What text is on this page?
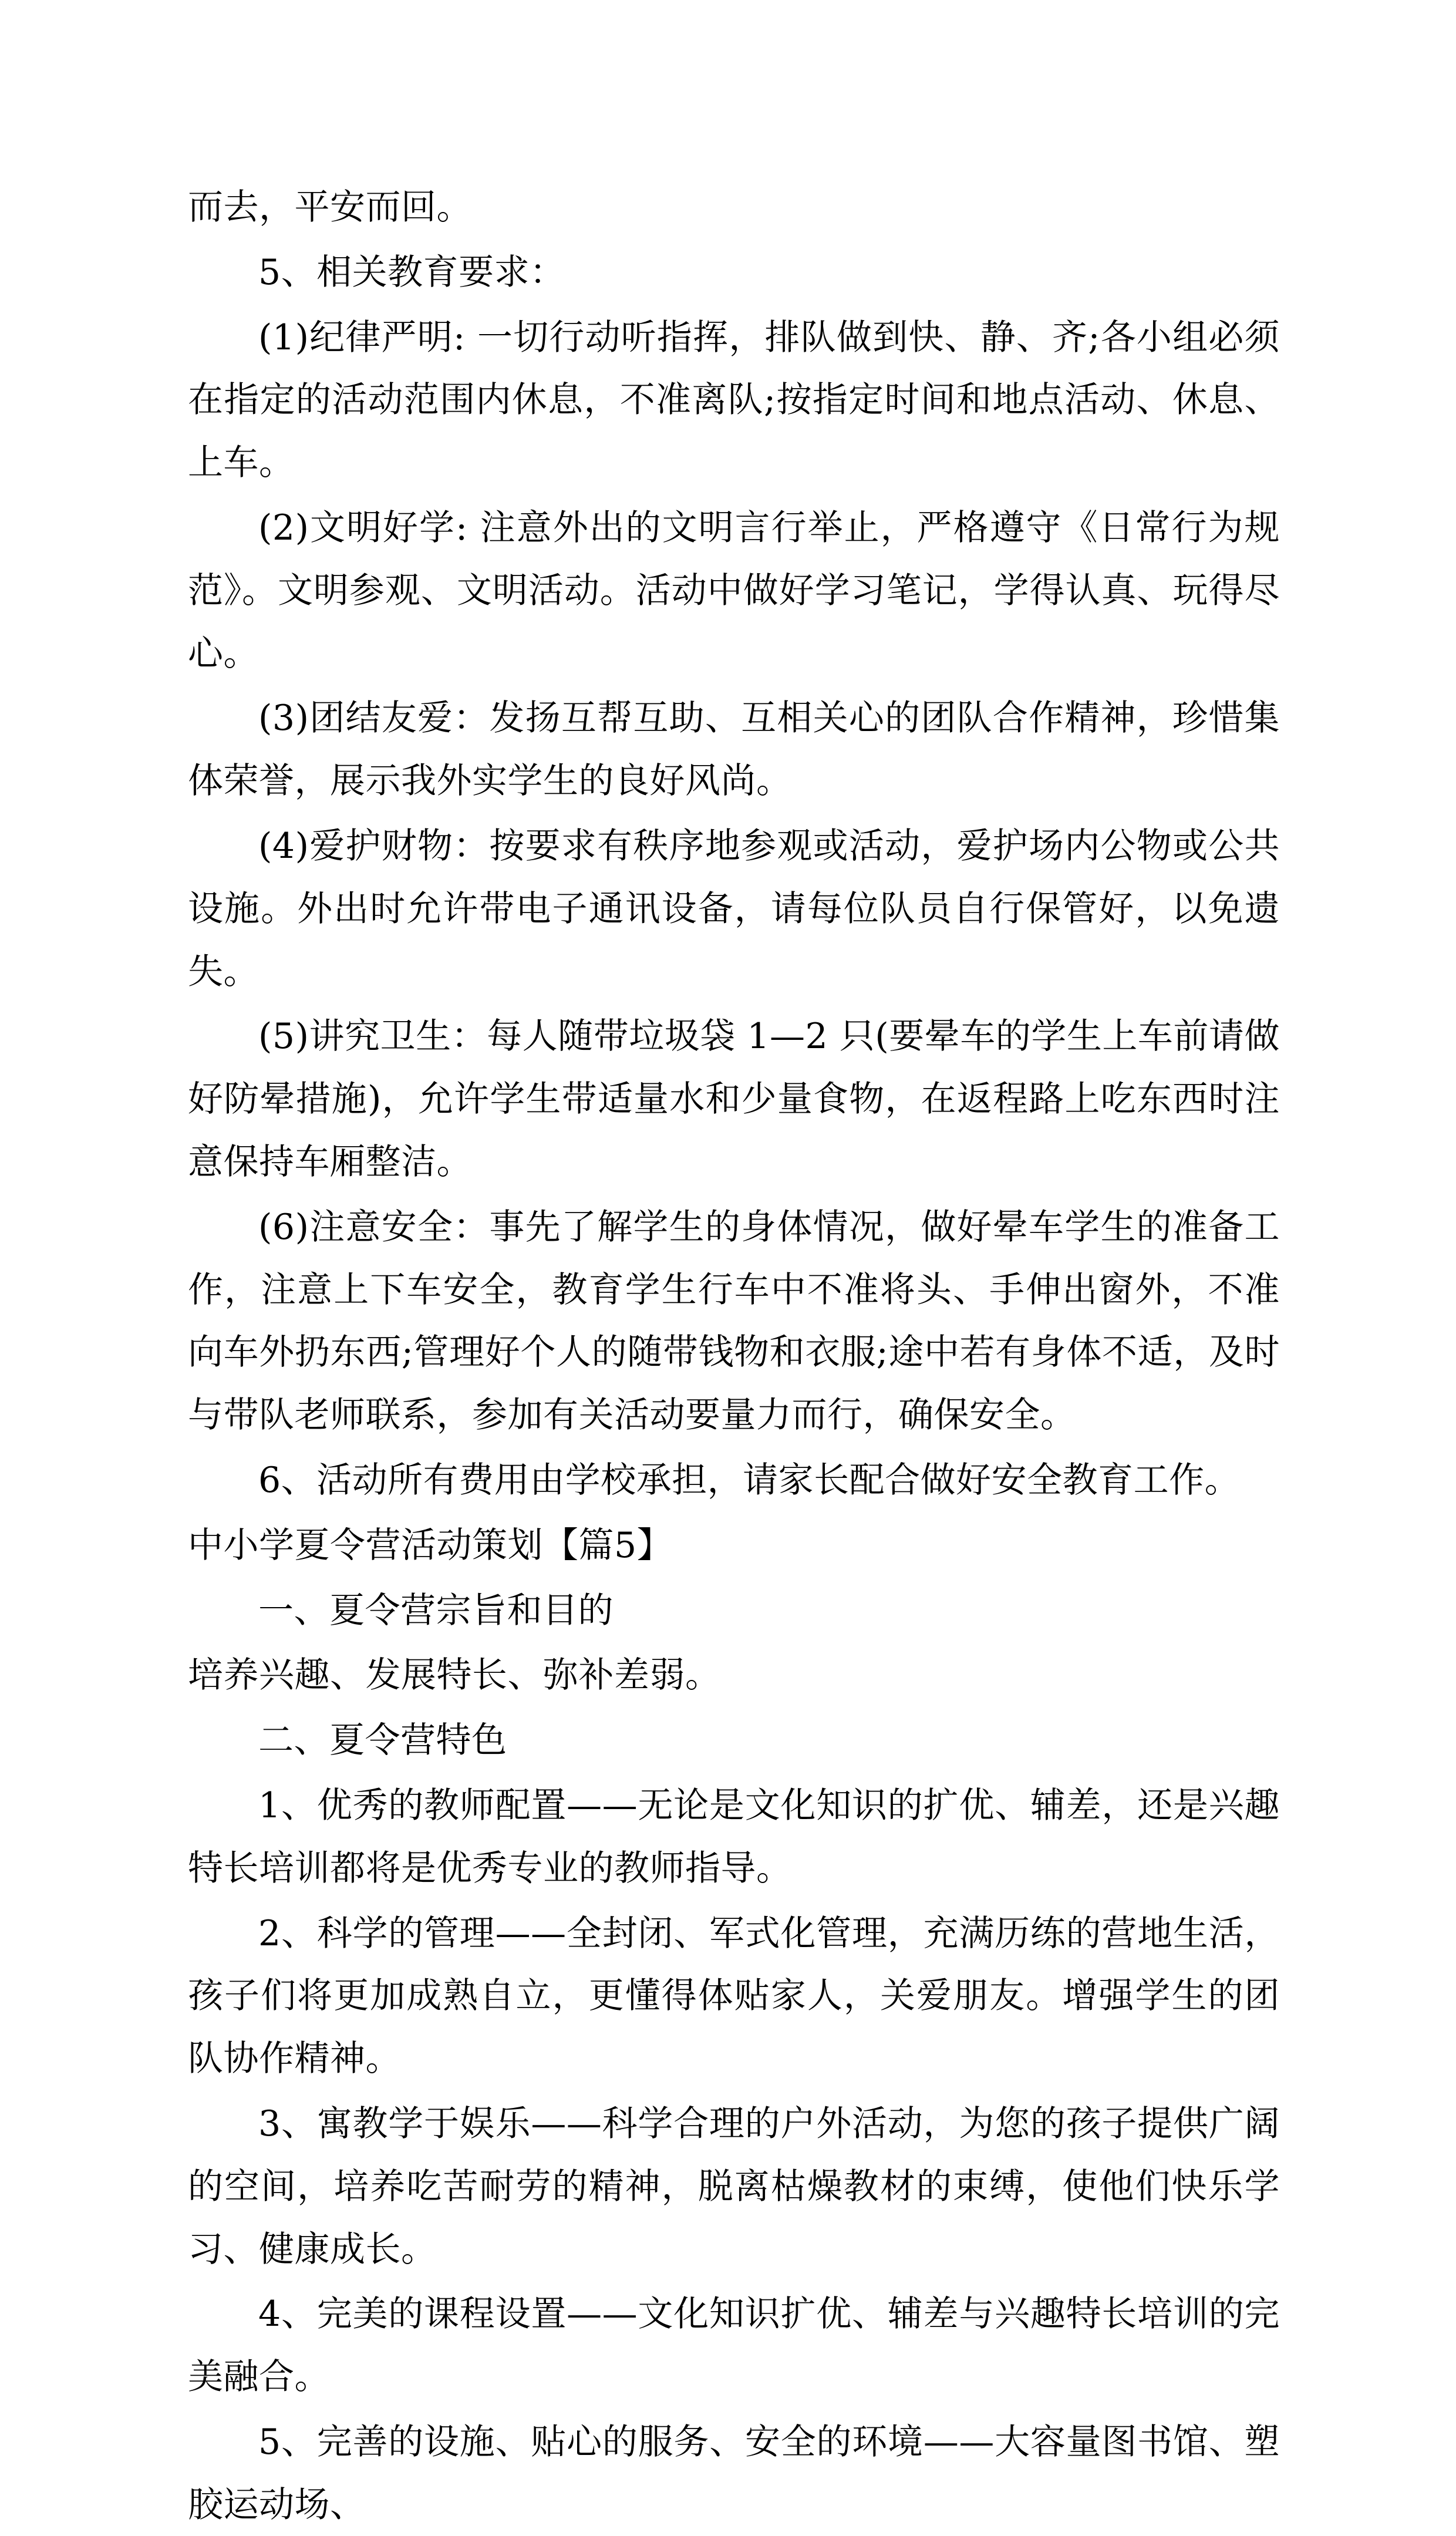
而去，平安而回。

5、相关教育要求：

(1)纪律严明: 一切行动听指挥，排队做到快、静、齐;各小组必须在指定的活动范围内休息，不准离队;按指定时间和地点活动、休息、上车。

(2)文明好学: 注意外出的文明言行举止，严格遵守《日常行为规范》。文明参观、文明活动。活动中做好学习笔记，学得认真、玩得尽心。

(3)团结友爱：发扬互帮互助、互相关心的团队合作精神，珍惜集体荣誉，展示我外实学生的良好风尚。

(4)爱护财物：按要求有秩序地参观或活动，爱护场内公物或公共设施。外出时允许带电子通讯设备，请每位队员自行保管好，以免遗失。

(5)讲究卫生：每人随带垃圾袋 1—2 只(要晕车的学生上车前请做好防晕措施)，允许学生带适量水和少量食物，在返程路上吃东西时注意保持车厢整洁。

(6)注意安全：事先了解学生的身体情况，做好晕车学生的准备工作，注意上下车安全，教育学生行车中不准将头、手伸出窗外，不准向车外扔东西;管理好个人的随带钱物和衣服;途中若有身体不适，及时与带队老师联系，参加有关活动要量力而行，确保安全。

6、活动所有费用由学校承担，请家长配合做好安全教育工作。

中小学夏令营活动策划【篇5】

一、夏令营宗旨和目的

培养兴趣、发展特长、弥补差弱。

二、夏令营特色

1、优秀的教师配置——无论是文化知识的扩优、辅差，还是兴趣特长培训都将是优秀专业的教师指导。

2、科学的管理——全封闭、军式化管理，充满历练的营地生活，孩子们将更加成熟自立，更懂得体贴家人，关爱朋友。增强学生的团队协作精神。

3、寓教学于娱乐——科学合理的户外活动，为您的孩子提供广阔的空间，培养吃苦耐劳的精神，脱离枯燥教材的束缚，使他们快乐学习、健康成长。

4、完美的课程设置——文化知识扩优、辅差与兴趣特长培训的完美融合。

5、完善的设施、贴心的服务、安全的环境——大容量图书馆、塑胶运动场、
